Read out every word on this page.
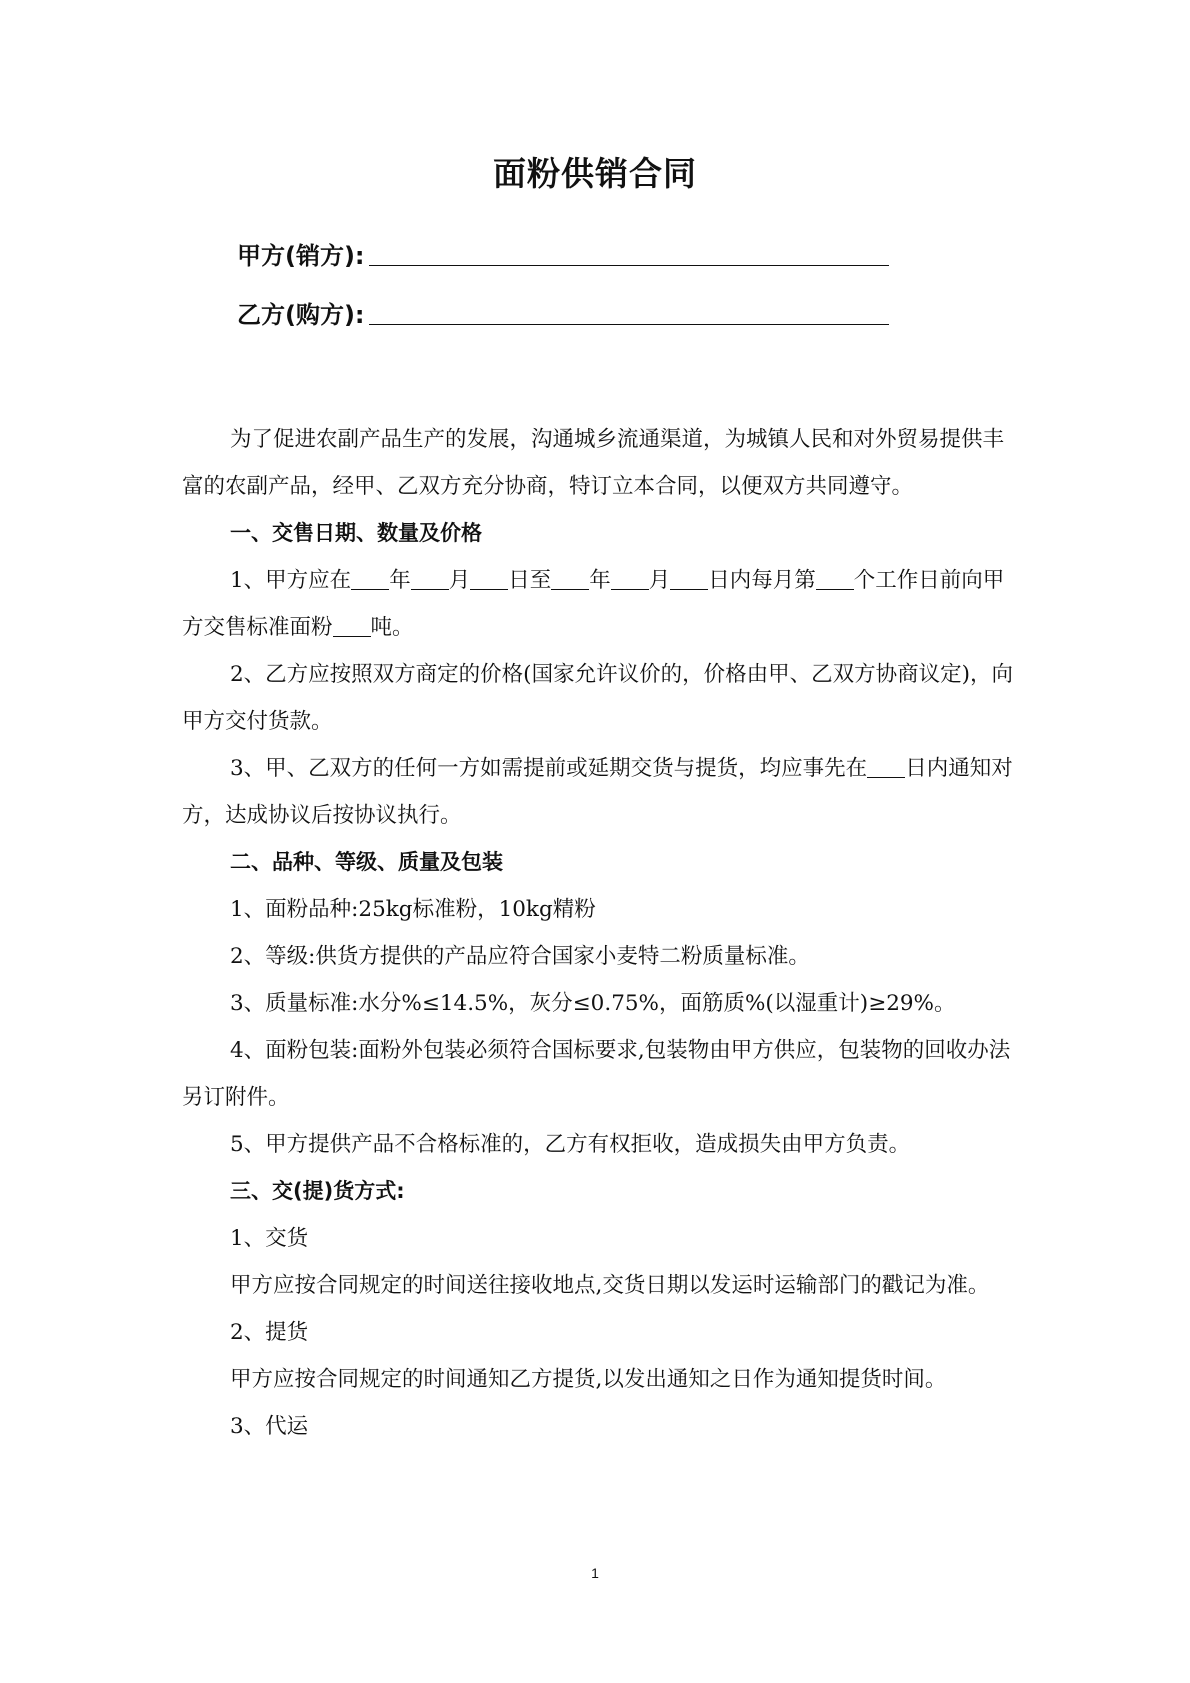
面粉供销合同
甲方(销方):
乙方(购方):

为了促进农副产品生产的发展，沟通城乡流通渠道，为城镇人民和对外贸易提供丰富的农副产品，经甲、乙双方充分协商，特订立本合同，以便双方共同遵守。

一、交售日期、数量及价格

1、甲方应在 年 月 日至 年 月 日内每月第 个工作日前向甲方交售标准面粉 吨。

2、乙方应按照双方商定的价格(国家允许议价的，价格由甲、乙双方协商议定)，向甲方交付货款。

3、甲、乙双方的任何一方如需提前或延期交货与提货，均应事先在 日内通知对方，达成协议后按协议执行。

二、品种、等级、质量及包装

1、面粉品种:25kg标准粉，10kg精粉

2、等级:供货方提供的产品应符合国家小麦特二粉质量标准。

3、质量标准:水分%≤14.5%，灰分≤0.75%，面筋质%(以湿重计)≥29%。

4、面粉包装:面粉外包装必须符合国标要求,包装物由甲方供应，包装物的回收办法另订附件。

5、甲方提供产品不合格标准的，乙方有权拒收，造成损失由甲方负责。

三、交(提)货方式:

1、交货

甲方应按合同规定的时间送往接收地点,交货日期以发运时运输部门的戳记为准。

2、提货

甲方应按合同规定的时间通知乙方提货,以发出通知之日作为通知提货时间。

3、代运

1
